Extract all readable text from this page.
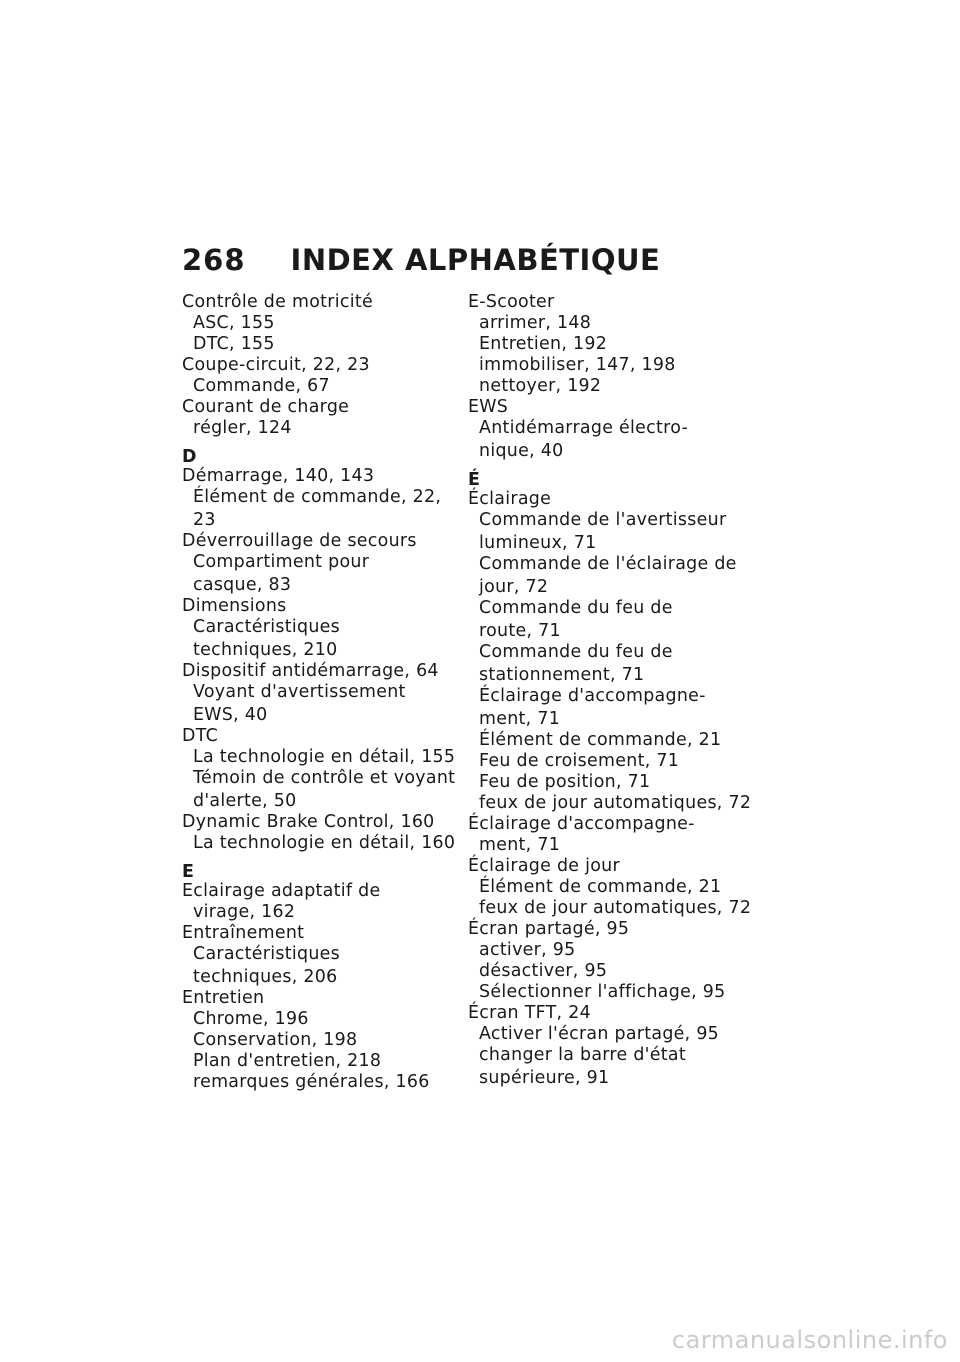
268 INDEX ALPHABÉTIQUE
Contrôle de motricité
ASC, 155
DTC, 155
Coupe-circuit, 22, 23
Commande, 67
Courant de charge
régler, 124
D
Démarrage, 140, 143
Élément de commande, 22,
23
Déverrouillage de secours
Compartiment pour
casque, 83
Dimensions
Caractéristiques
techniques, 210
Dispositif antidémarrage, 64
Voyant d'avertissement
EWS, 40
DTC
La technologie en détail, 155
Témoin de contrôle et voyant
d'alerte, 50
Dynamic Brake Control, 160
La technologie en détail, 160
E
Eclairage adaptatif de
virage, 162
Entraînement
Caractéristiques
techniques, 206
Entretien
Chrome, 196
Conservation, 198
Plan d'entretien, 218
remarques générales, 166
E-Scooter
arrimer, 148
Entretien, 192
immobiliser, 147, 198
nettoyer, 192
EWS
Antidémarrage électro-
nique, 40
É
Éclairage
Commande de l'avertisseur
lumineux, 71
Commande de l'éclairage de
jour, 72
Commande du feu de
route, 71
Commande du feu de
stationnement, 71
Éclairage d'accompagne-
ment, 71
Élément de commande, 21
Feu de croisement, 71
Feu de position, 71
feux de jour automatiques, 72
Éclairage d'accompagne-
ment, 71
Éclairage de jour
Élément de commande, 21
feux de jour automatiques, 72
Écran partagé, 95
activer, 95
désactiver, 95
Sélectionner l'affichage, 95
Écran TFT, 24
Activer l'écran partagé, 95
changer la barre d'état
supérieure, 91
carmanualsonline.info
